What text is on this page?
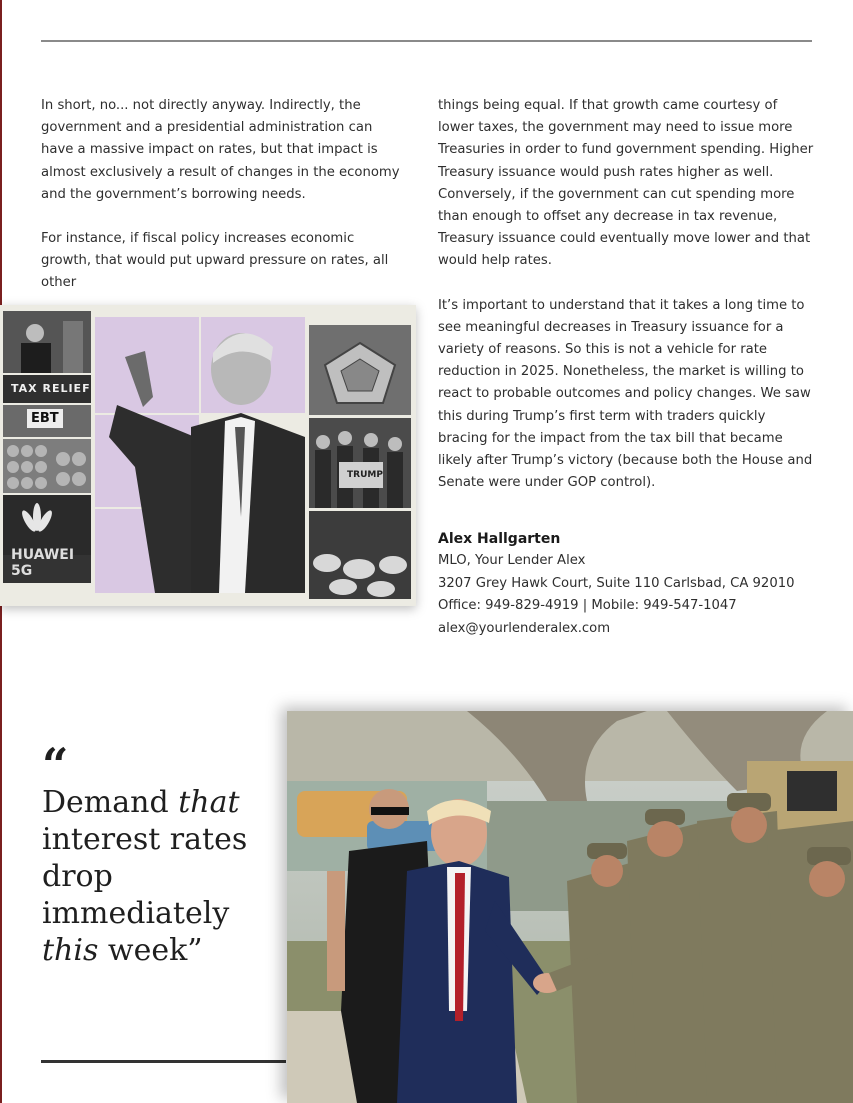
In short, no... not directly anyway. Indirectly, the government and a presidential administration can have a massive impact on rates, but that impact is almost exclusively a result of changes in the economy and the government’s borrowing needs.

For instance, if fiscal policy increases economic growth, that would put upward pressure on rates, all other

things being equal. If that growth came courtesy of lower taxes, the government may need to issue more Treasuries in order to fund government spending. Higher Treasury issuance would push rates higher as well. Conversely, if the government can cut spending more than enough to offset any decrease in tax revenue, Treasury issuance could eventually move lower and that would help rates.

It’s important to understand that it takes a long time to see meaningful decreases in Treasury issuance for a variety of reasons. So this is not a vehicle for rate reduction in 2025. Nonetheless, the market is willing to react to probable outcomes and policy changes. We saw this during Trump’s first term with traders quickly bracing for the impact from the tax bill that became likely after Trump’s victory (because both the House and Senate were under GOP control).

Alex Hallgarten
MLO, Your Lender Alex
3207 Grey Hawk Court, Suite 110 Carlsbad, CA 92010
Office: 949-829-4919 | Mobile: 949-547-1047
alex@yourlenderalex.com
TAX RELIEF
EBT
HUAWEI 5G
TRUMP
“
Demand that
interest rates
drop
immediately
this week”
